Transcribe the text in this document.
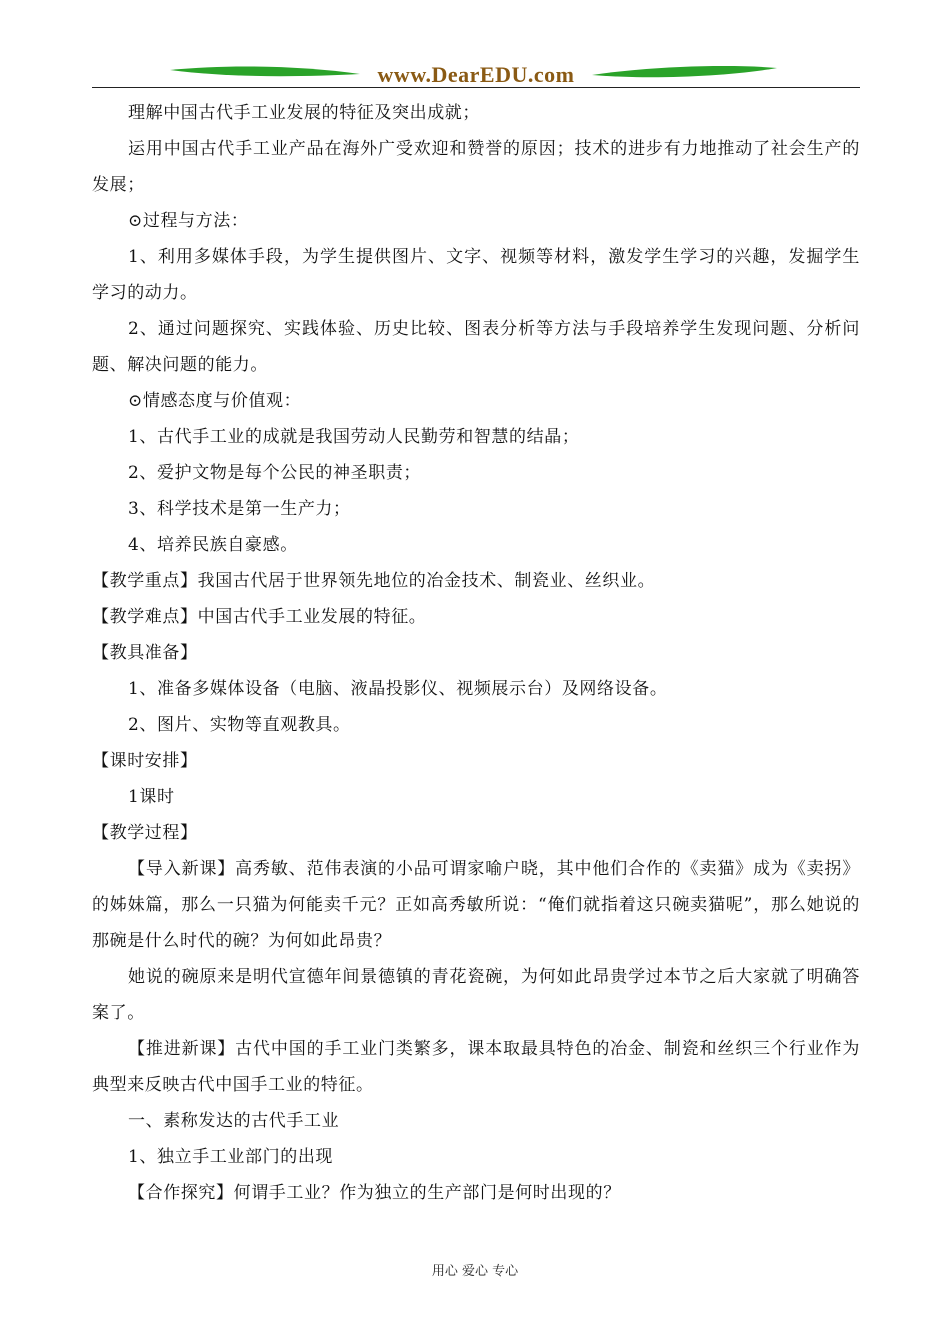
www.DearEDU.com

理解中国古代手工业发展的特征及突出成就；

运用中国古代手工业产品在海外广受欢迎和赞誉的原因；技术的进步有力地推动了社会生产的发展；

⊙过程与方法：

1、利用多媒体手段，为学生提供图片、文字、视频等材料，激发学生学习的兴趣，发掘学生学习的动力。

2、通过问题探究、实践体验、历史比较、图表分析等方法与手段培养学生发现问题、分析问题、解决问题的能力。

⊙情感态度与价值观：

1、古代手工业的成就是我国劳动人民勤劳和智慧的结晶；

2、爱护文物是每个公民的神圣职责；

3、科学技术是第一生产力；

4、培养民族自豪感。

【教学重点】我国古代居于世界领先地位的冶金技术、制瓷业、丝织业。

【教学难点】中国古代手工业发展的特征。

【教具准备】

1、准备多媒体设备（电脑、液晶投影仪、视频展示台）及网络设备。

2、图片、实物等直观教具。

【课时安排】

1课时

【教学过程】

【导入新课】高秀敏、范伟表演的小品可谓家喻户晓，其中他们合作的《卖猫》成为《卖拐》的姊妹篇，那么一只猫为何能卖千元？正如高秀敏所说：“俺们就指着这只碗卖猫呢”，那么她说的那碗是什么时代的碗？为何如此昂贵？

她说的碗原来是明代宣德年间景德镇的青花瓷碗，为何如此昂贵学过本节之后大家就了明确答案了。

【推进新课】古代中国的手工业门类繁多，课本取最具特色的冶金、制瓷和丝织三个行业作为典型来反映古代中国手工业的特征。

一、素称发达的古代手工业

1、独立手工业部门的出现

【合作探究】何谓手工业？作为独立的生产部门是何时出现的？

用心 爱心 专心
